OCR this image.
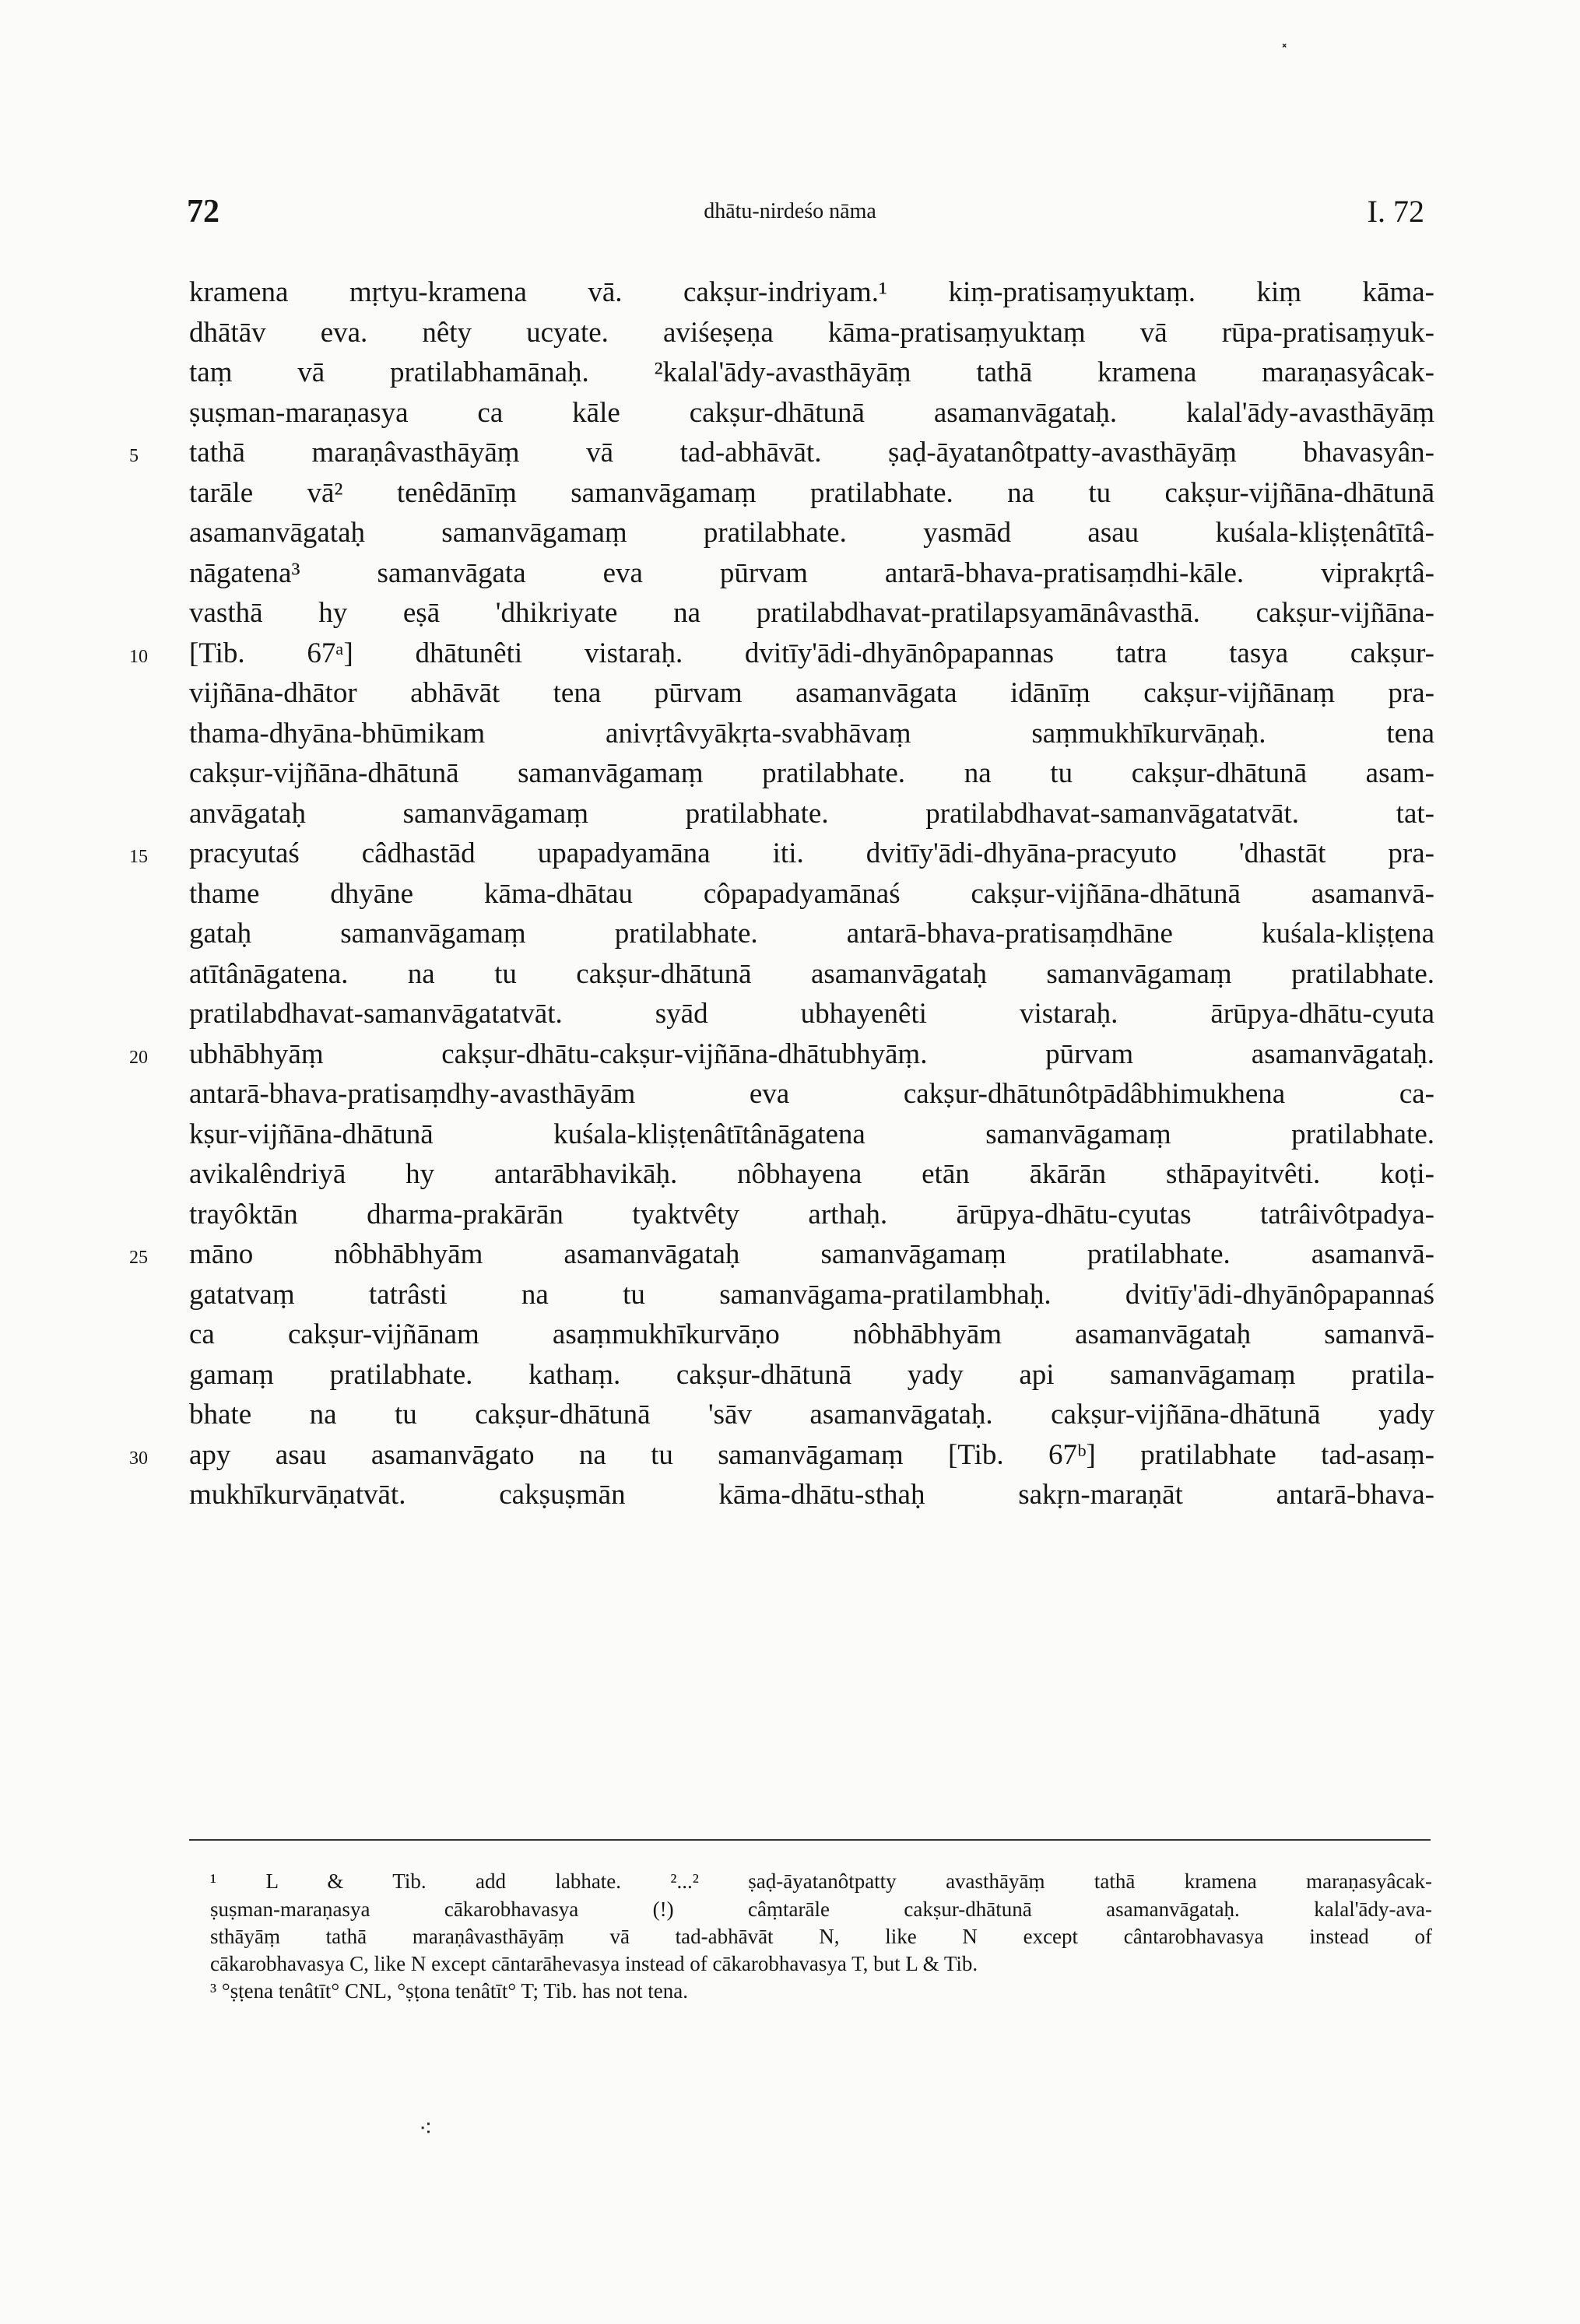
72	dhātu-nirdeśo nāma	I. 72
kramena mṛtyu-kramena vā. cakṣur-indriyam.¹ kiṃ-pratisaṃyuktaṃ. kiṃ kāma-
dhātāv eva. nêty ucyate. aviśeṣeṇa kāma-pratisaṃyuktaṃ vā rūpa-pratisaṃyuk-
taṃ vā pratilabhamānaḥ. ²kalal'ādy-avasthāyāṃ tathā kramena maraṇasyâcak-
ṣuṣman-maraṇasya ca kāle cakṣur-dhātunā asamanvāgataḥ. kalal'ādy-avasthāyāṃ
tathā maraṇâvasthāyāṃ vā tad-abhāvāt. ṣaḍ-āyatanôtpatty-avasthāyāṃ bhavasyân-
tarāle vā² tenêdānīṃ samanvāgamaṃ pratilabhate. na tu cakṣur-vijñāna-dhātunā
asamanvāgataḥ samanvāgamaṃ pratilabhate. yasmād asau kuśala-kliṣṭenâtītâ-
nāgatena³ samanvāgata eva pūrvam antarā-bhava-pratisaṃdhi-kāle. viprakṛtâ-
vasthā hy eṣā 'dhikriyate na pratilabdhavat-pratilapsyamānâvasthā. cakṣur-vijñāna-
[Tib. 67ᵃ] dhātunêti vistaraḥ. dvitīy'ādi-dhyānôpapannas tatra tasya cakṣur-
vijñāna-dhātor abhāvāt tena pūrvam asamanvāgata idānīṃ cakṣur-vijñānaṃ pra-
thama-dhyāna-bhūmikam anivṛtâvyākṛta-svabhāvaṃ saṃmukhīkurvāṇaḥ. tena
cakṣur-vijñāna-dhātunā samanvāgamaṃ pratilabhate. na tu cakṣur-dhātunā asam-
anvāgataḥ samanvāgamaṃ pratilabhate. pratilabdhavat-samanvāgatatvāt. tat-
pracyutaś câdhastād upapadyamāna iti. dvitīy'ādi-dhyāna-pracyuto 'dhastāt pra-
thame dhyāne kāma-dhātau côpapadyamānaś cakṣur-vijñāna-dhātunā asamanvā-
gataḥ samanvāgamaṃ pratilabhate. antarā-bhava-pratisaṃdhāne kuśala-kliṣṭena
atītânāgatena. na tu cakṣur-dhātunā asamanvāgataḥ samanvāgamaṃ pratilabhate.
pratilabdhavat-samanvāgatatvāt. syād ubhayenêti vistaraḥ. ārūpya-dhātu-cyuta
ubhābhyāṃ cakṣur-dhātu-cakṣur-vijñāna-dhātubhyāṃ. pūrvam asamanvāgataḥ.
antarā-bhava-pratisaṃdhy-avasthāyām eva cakṣur-dhātunôtpādâbhimukhena ca-
kṣur-vijñāna-dhātunā kuśala-kliṣṭenâtītânāgatena samanvāgamaṃ pratilabhate.
avikalêndriyā hy antarābhavikāḥ. nôbhayena etān ākārān sthāpayitvêti. koṭi-
trayôktān dharma-prakārān tyaktvêty arthaḥ. ārūpya-dhātu-cyutas tatrâivôtpadya-
māno nôbhābhyām asamanvāgataḥ samanvāgamaṃ pratilabhate. asamanvā-
gatatvaṃ tatrâsti na tu samanvāgama-pratilambhaḥ. dvitīy'ādi-dhyānôpapannaś
ca cakṣur-vijñānam asaṃmukhīkurvāṇo nôbhābhyām asamanvāgataḥ samanvā-
gamaṃ pratilabhate. kathaṃ. cakṣur-dhātunā yady api samanvāgamaṃ pratila-
bhate na tu cakṣur-dhātunā 'sāv asamanvāgataḥ. cakṣur-vijñāna-dhātunā yady
apy asau asamanvāgato na tu samanvāgamaṃ [Tib. 67ᵇ] pratilabhate tad-asaṃ-
mukhīkurvāṇatvāt. cakṣuṣmān kāma-dhātu-sthaḥ sakṛn-maraṇāt antarā-bhava-
5
10
15
20
25
30
¹ L & Tib. add labhate. ²...² ṣaḍ-āyatanôtpatty avasthāyāṃ tathā kramena maraṇasyâcak-
ṣuṣman-maraṇasya cākarobhavasya (!) câṃtarāle cakṣur-dhātunā asamanvāgataḥ. kalal'ādy-ava-
sthāyāṃ tathā maraṇâvasthāyāṃ vā tad-abhāvāt N, like N except cântarobhavasya instead of
cākarobhavasya C, like N except cāntarāhevasya instead of cākarobhavasya T, but L & Tib.
³ °ṣṭena tenâtīt° CNL, °ṣṭona tenâtīt° T; Tib. has not tena.
⸼
⁖
